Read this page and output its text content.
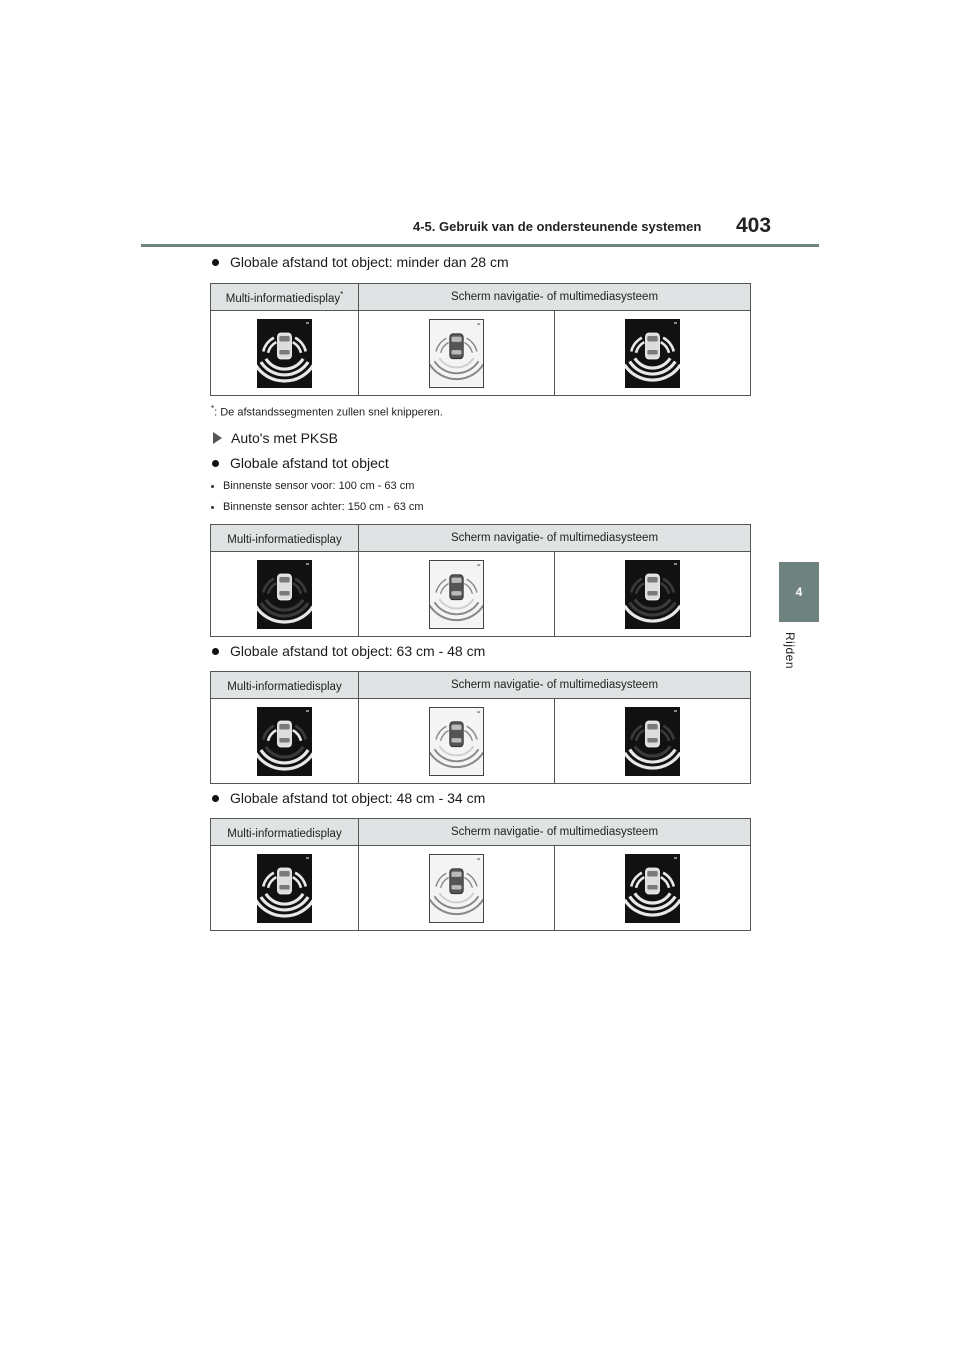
4-5. Gebruik van de ondersteunende systemen 403
4
Rijden
Globale afstand tot object: minder dan 28 cm
Multi-informatiedisplay*	Scherm navigatie- of multimediasysteem	

*: De afstandssegmenten zullen snel knipperen.
Auto's met PKSB
Globale afstand tot object
Binnenste sensor voor: 100 cm - 63 cm
Binnenste sensor achter: 150 cm - 63 cm
Multi-informatiedisplay	Scherm navigatie- of multimediasysteem	

Globale afstand tot object: 63 cm - 48 cm
Multi-informatiedisplay	Scherm navigatie- of multimediasysteem	

Globale afstand tot object: 48 cm - 34 cm
Multi-informatiedisplay	Scherm navigatie- of multimediasysteem	
